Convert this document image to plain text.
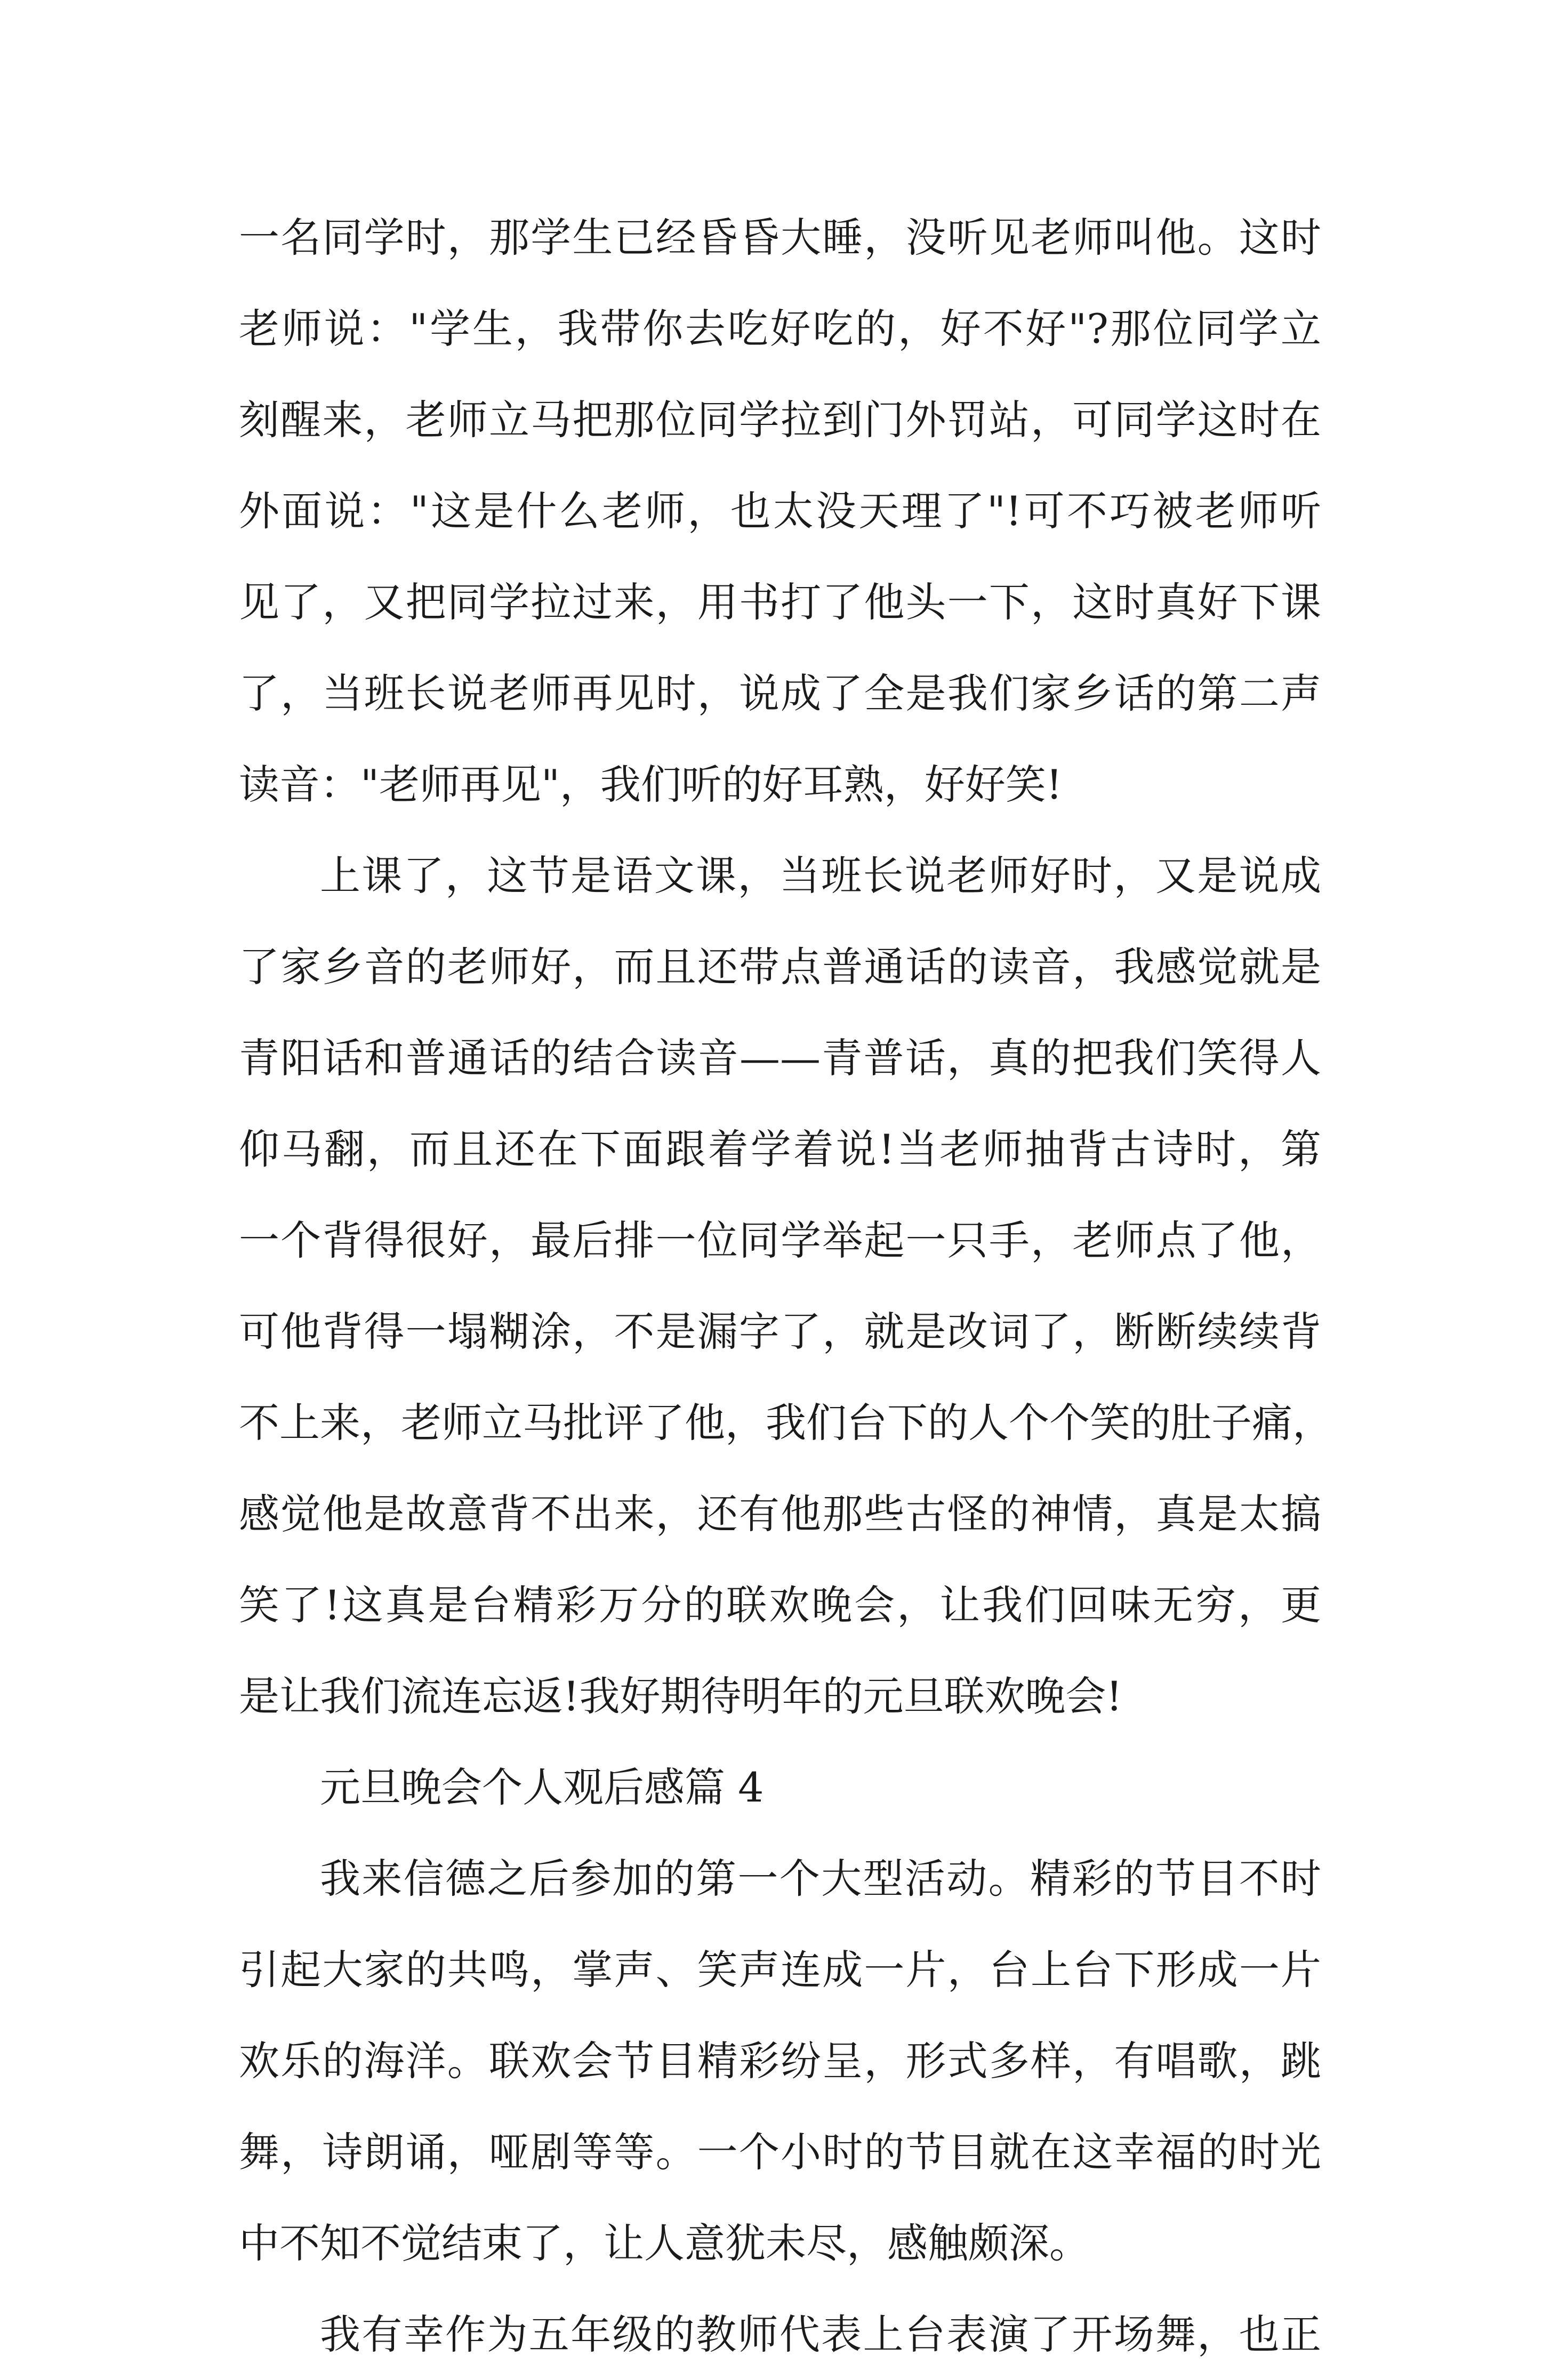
一名同学时，那学生已经昏昏大睡，没听见老师叫他。这时
老师说："学生，我带你去吃好吃的，好不好"?那位同学立
刻醒来，老师立马把那位同学拉到门外罚站，可同学这时在
外面说："这是什么老师，也太没天理了"!可不巧被老师听
见了，又把同学拉过来，用书打了他头一下，这时真好下课
了，当班长说老师再见时，说成了全是我们家乡话的第二声
读音："老师再见"，我们听的好耳熟，好好笑!
上课了，这节是语文课，当班长说老师好时，又是说成
了家乡音的老师好，而且还带点普通话的读音，我感觉就是
青阳话和普通话的结合读音——青普话，真的把我们笑得人
仰马翻，而且还在下面跟着学着说!当老师抽背古诗时，第
一个背得很好，最后排一位同学举起一只手，老师点了他，
可他背得一塌糊涂，不是漏字了，就是改词了，断断续续背
不上来，老师立马批评了他，我们台下的人个个笑的肚子痛，
感觉他是故意背不出来，还有他那些古怪的神情，真是太搞
笑了!这真是台精彩万分的联欢晚会，让我们回味无穷，更
是让我们流连忘返!我好期待明年的元旦联欢晚会!
元旦晚会个人观后感篇 4
我来信德之后参加的第一个大型活动。精彩的节目不时
引起大家的共鸣，掌声、笑声连成一片，台上台下形成一片
欢乐的海洋。联欢会节目精彩纷呈，形式多样，有唱歌，跳
舞，诗朗诵，哑剧等等。一个小时的节目就在这幸福的时光
中不知不觉结束了，让人意犹未尽，感触颇深。
我有幸作为五年级的教师代表上台表演了开场舞，也正
